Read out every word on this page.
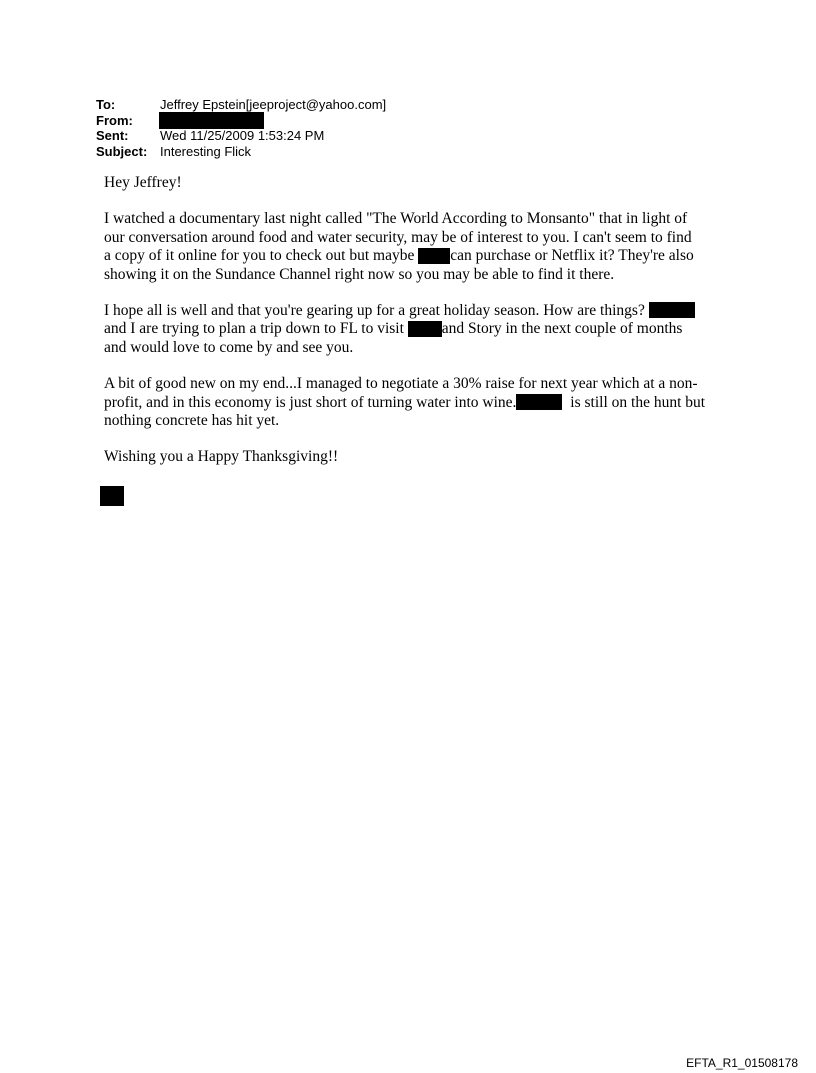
To:	Jeffrey Epstein[jeeproject@yahoo.com]
From:
Sent: Wed 11/25/2009 1:53:24 PM
Subject: Interesting Flick

Hey Jeffrey!

I watched a documentary last night called "The World According to Monsanto" that in light of
our conversation around food and water security, may be of interest to you. I can't seem to find
a copy of it online for you to check out but maybe can purchase or Netflix it? They're also
showing it on the Sundance Channel right now so you may be able to find it there.

I hope all is well and that you're gearing up for a great holiday season. How are things?
and I are trying to plan a trip down to FL to visit and Story in the next couple of months
and would love to come by and see you.

A bit of good new on my end...I managed to negotiate a 30% raise for next year which at a non-
profit, and in this economy is just short of turning water into wine.	is still on the hunt but
nothing concrete has hit yet.

Wishing you a Happy Thanksgiving!!

EFTA_R1_01508178
